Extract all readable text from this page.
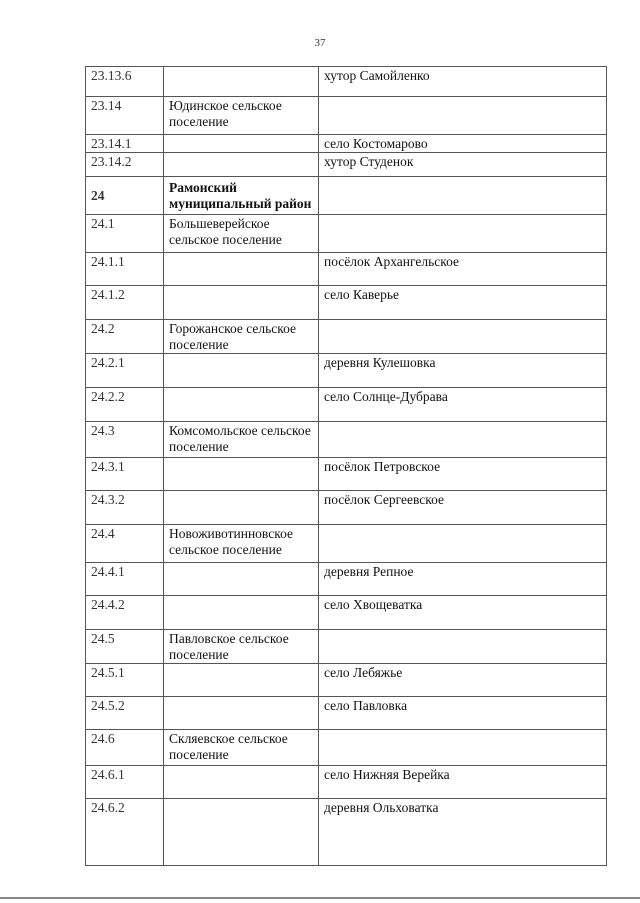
37
23.13.6		хутор Самойленко
23.14	Юдинское сельское поселение	
23.14.1		село Костомарово
23.14.2		хутор Студенок
24	Рамонский муниципальный район	
24.1	Большеверейское сельское поселение	
24.1.1		посёлок Архангельское
24.1.2		село Каверье
24.2	Горожанское сельское поселение	
24.2.1		деревня Кулешовка
24.2.2		село Солнце-Дубрава
24.3	Комсомольское сельское поселение	
24.3.1		посёлок Петровское
24.3.2		посёлок Сергеевское
24.4	Новоживотинновское сельское поселение	
24.4.1		деревня Репное
24.4.2		село Хвощеватка
24.5	Павловское сельское поселение	
24.5.1		село Лебяжье
24.5.2		село Павловка
24.6	Скляевское сельское поселение	
24.6.1		село Нижняя Верейка
24.6.2		деревня Ольховатка
